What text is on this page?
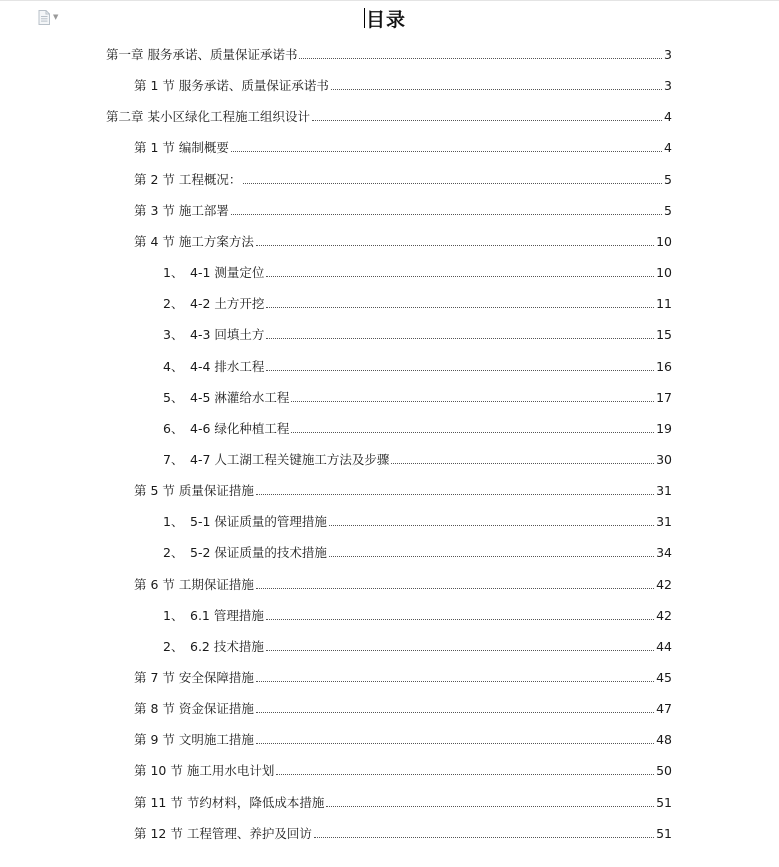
▼	目录
第一章 服务承诺、质量保证承诺书	3
第 1 节 服务承诺、质量保证承诺书	3
第二章 某小区绿化工程施工组织设计	4
第 1 节 编制概要	4
第 2 节 工程概况：	5
第 3 节 施工部署	5
第 4 节 施工方案方法	10
1、 4-1 测量定位	10
2、 4-2 土方开挖	11
3、 4-3 回填土方	15
4、 4-4 排水工程	16
5、 4-5 淋灌给水工程	17
6、 4-6 绿化种植工程	19
7、 4-7 人工湖工程关键施工方法及步骤	30
第 5 节 质量保证措施	31
1、 5-1 保证质量的管理措施	31
2、 5-2 保证质量的技术措施	34
第 6 节 工期保证措施	42
1、 6.1 管理措施	42
2、 6.2 技术措施	44
第 7 节 安全保障措施	45
第 8 节 资金保证措施	47
第 9 节 文明施工措施	48
第 10 节 施工用水电计划	50
第 11 节 节约材料，降低成本措施	51
第 12 节 工程管理、养护及回访	51
